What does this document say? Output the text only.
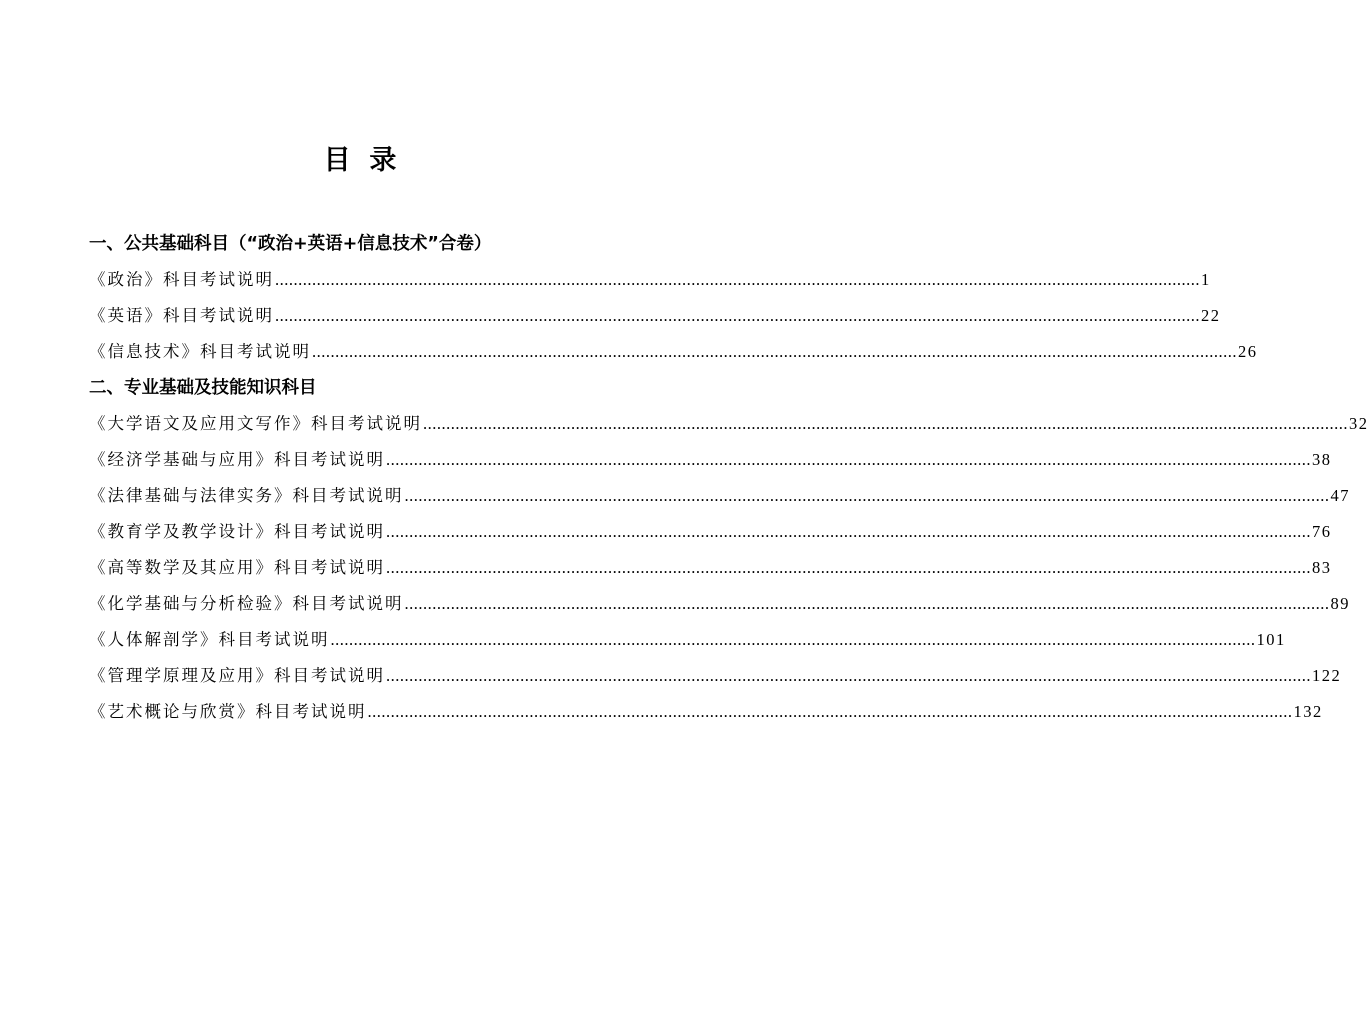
目  录
一、公共基础科目（“政治+英语+信息技术”合卷）
《政治》科目考试说明 ........................................................................................................................................................................................................ 1
《英语》科目考试说明 ........................................................................................................................................................................................................ 22
《信息技术》科目考试说明 ........................................................................................................................................................................................................ 26
二、专业基础及技能知识科目
《大学语文及应用文写作》科目考试说明 ........................................................................................................................................................................................................ 32
《经济学基础与应用》科目考试说明 ........................................................................................................................................................................................................ 38
《法律基础与法律实务》科目考试说明 ........................................................................................................................................................................................................ 47
《教育学及教学设计》科目考试说明 ........................................................................................................................................................................................................ 76
《高等数学及其应用》科目考试说明 ........................................................................................................................................................................................................ 83
《化学基础与分析检验》科目考试说明 ........................................................................................................................................................................................................ 89
《人体解剖学》科目考试说明 ........................................................................................................................................................................................................ 101
《管理学原理及应用》科目考试说明 ........................................................................................................................................................................................................ 122
《艺术概论与欣赏》科目考试说明 ........................................................................................................................................................................................................ 132
